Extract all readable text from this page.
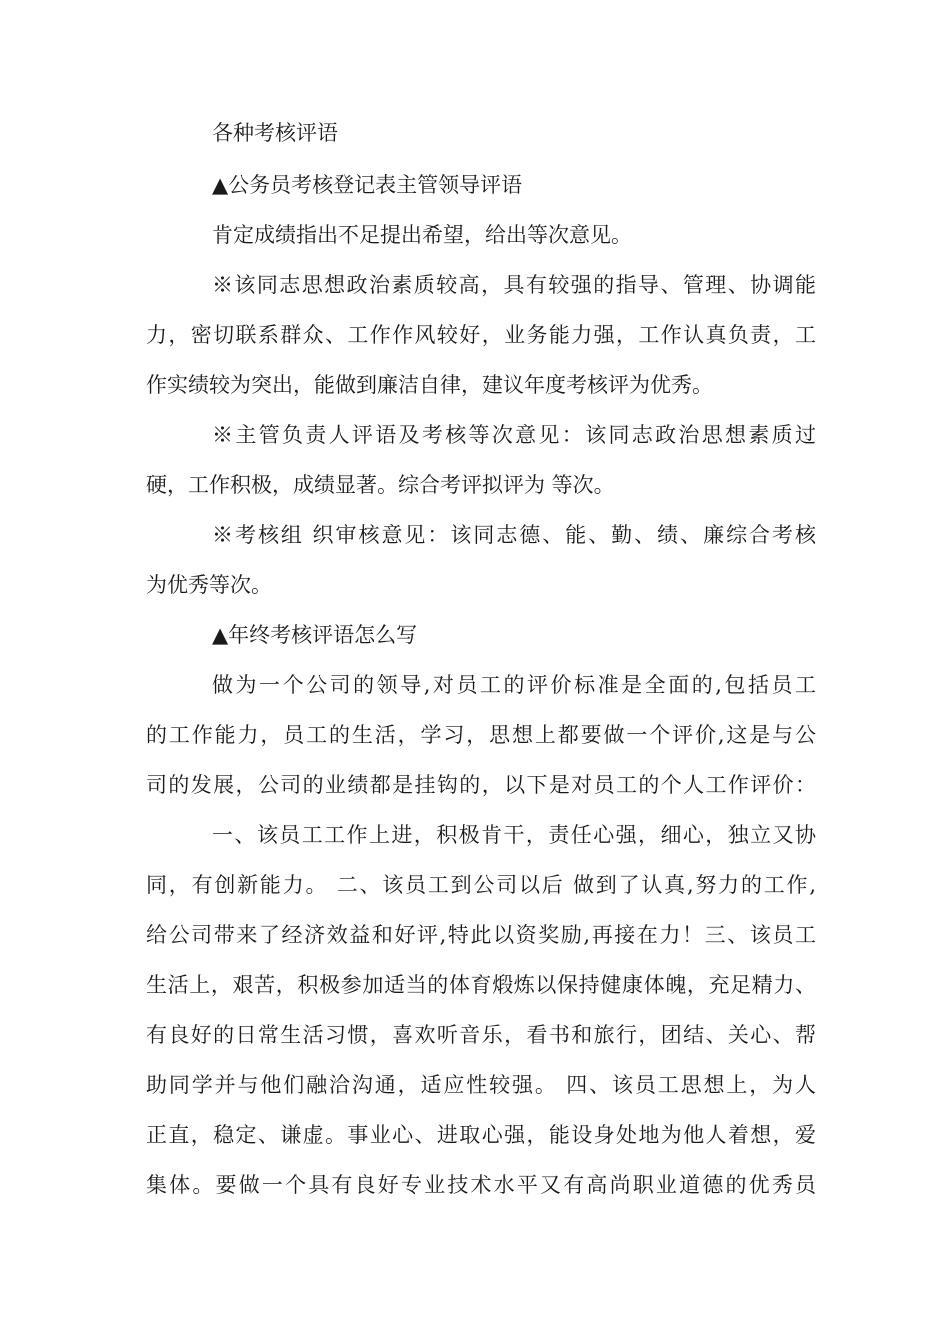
各种考核评语
▲公务员考核登记表主管领导评语
肯定成绩指出不足提出希望，给出等次意见。
※该同志思想政治素质较高，具有较强的指导、管理、协调能
力，密切联系群众、工作作风较好，业务能力强，工作认真负责，工
作实绩较为突出，能做到廉洁自律，建议年度考核评为优秀。
※主管负责人评语及考核等次意见：该同志政治思想素质过
硬，工作积极，成绩显著。综合考评拟评为 等次。
※考核组 织审核意见：该同志德、能、勤、绩、廉综合考核
为优秀等次。
▲年终考核评语怎么写
做为一个公司的领导,对员工的评价标准是全面的,包括员工
的工作能力，员工的生活，学习，思想上都要做一个评价,这是与公
司的发展，公司的业绩都是挂钩的，以下是对员工的个人工作评价：
一、该员工工作上进，积极肯干，责任心强，细心，独立又协
同，有创新能力。 二、该员工到公司以后 做到了认真,努力的工作,
给公司带来了经济效益和好评,特此以资奖励,再接在力！三、该员工
生活上，艰苦，积极参加适当的体育煅炼以保持健康体魄，充足精力、
有良好的日常生活习惯，喜欢听音乐，看书和旅行，团结、关心、帮
助同学并与他们融洽沟通，适应性较强。 四、该员工思想上，为人
正直，稳定、谦虚。事业心、进取心强，能设身处地为他人着想，爱
集体。要做一个具有良好专业技术水平又有高尚职业道德的优秀员
